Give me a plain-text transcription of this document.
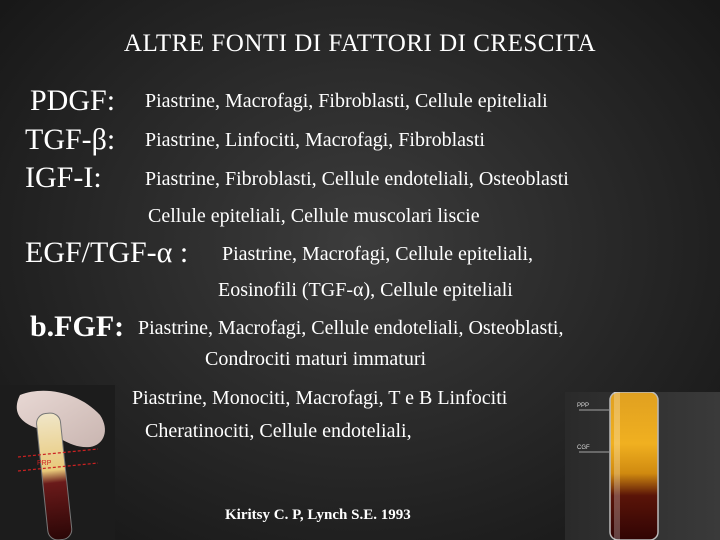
ALTRE FONTI DI FATTORI DI CRESCITA
PDGF: Piastrine, Macrofagi, Fibroblasti, Cellule epiteliali
TGF-β: Piastrine, Linfociti, Macrofagi, Fibroblasti
IGF-I: Piastrine, Fibroblasti, Cellule endoteliali, Osteoblasti
Cellule epiteliali, Cellule muscolari liscie
EGF/TGF-α : Piastrine, Macrofagi, Cellule epiteliali,
Eosinofili (TGF-α), Cellule epiteliali
b.FGF: Piastrine, Macrofagi, Cellule endoteliali, Osteoblasti,
Condrociti maturi immaturi
Piastrine, Monociti, Macrofagi, T e B Linfociti
Cheratinociti, Cellule endoteliali,
Kiritsy C. P, Lynch S.E. 1993
PRP
PPP
CGF
